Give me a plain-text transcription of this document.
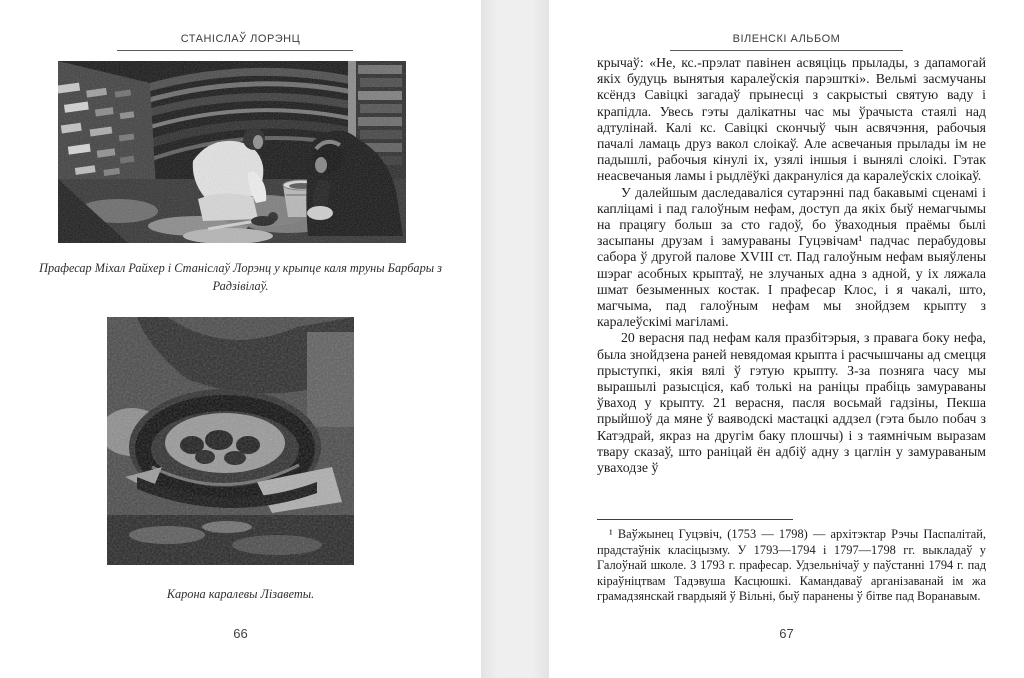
СТАНІСЛАЎ ЛОРЭНЦ
Прафесар Міхал Райхер і Станіслаў Лорэнц у крыпце каля труны Барбары з Радзівілаў.
Карона каралевы Лізаветы.
66
ВІЛЕНСКІ АЛЬБОМ

крычаў: «Не, кс.-прэлат павінен асвяціць прылады, з дапамогай якіх будуць вынятыя каралеўскія парэшткі». Вельмі засмучаны ксёндз Савіцкі загадаў прынесці з сакрыстыі святую ваду і крапідла. Увесь гэты далікатны час мы ўрачыста стаялі над адтулінай. Калі кс. Савіцкі скончыў чын асвячэння, рабочыя пачалі ламаць друз вакол слоікаў. Але асвечаныя прылады ім не падышлі, рабочыя кінулі іх, узялі іншыя і вынялі слоікі. Гэтак неасвечаныя ламы і рыдлёўкі дакрануліся да каралеўскіх слоікаў.

У далейшым даследаваліся сутарэнні пад бакавымі сценамі і капліцамі і пад галоўным нефам, доступ да якіх быў немагчымы на працягу больш за сто гадоў, бо ўваходныя праёмы былі засыпаны друзам і замураваны Гуцэвічам¹ падчас перабудовы сабора ў другой палове XVIII ст. Пад галоўным нефам выяўлены шэраг асобных крыптаў, не злучаных адна з адной, у іх ляжала шмат безыменных костак. І прафесар Клос, і я чакалі, што, магчыма, пад галоўным нефам мы знойдзем крыпту з каралеўскімі магіламі.

20 верасня пад нефам каля празбітэрыя, з правага боку нефа, была знойдзена раней невядомая крыпта і расчышчаны ад смецця прыступкі, якія вялі ў гэтую крыпту. З-за позняга часу мы вырашылі разысціся, каб толькі на раніцы прабіць замураваны ўваход у крыпту. 21 верасня, пасля восьмай гадзіны, Пекша прыйшоў да мяне ў ваяводскі мастацкі аддзел (гэта было побач з Катэдрай, якраз на другім баку плошчы) і з таямнічым выразам твару сказаў, што раніцай ён адбіў адну з цаглін у замураваным уваходзе ў

¹ Ваўжынец Гуцэвіч, (1753 — 1798) — архітэктар Рэчы Паспалітай, прадстаўнік класіцызму. У 1793—1794 і 1797—1798 гг. выкладаў у Галоўнай школе. З 1793 г. прафесар. Удзельнічаў у паўстанні 1794 г. пад кіраўніцтвам Тадэвуша Касцюшкі. Камандаваў арганізаванай ім жа грамадзянскай гвардыяй ў Вільні, быў паранены ў бітве пад Воранавым.
67
